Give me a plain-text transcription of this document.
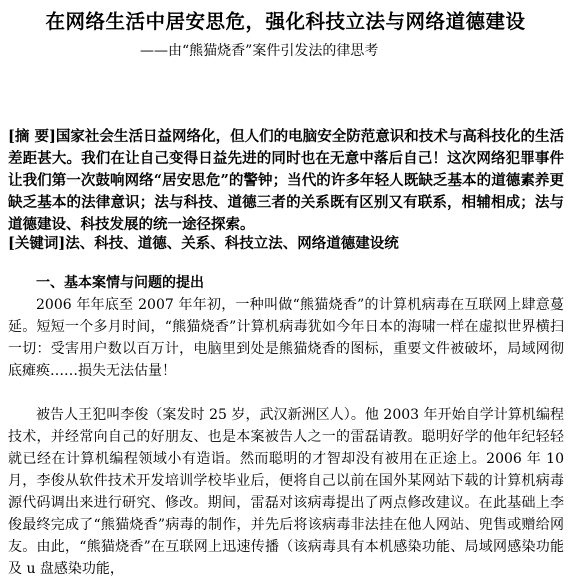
在网络生活中居安思危，强化科技立法与网络道德建设
——由“熊猫烧香”案件引发法的律思考
[摘 要]国家社会生活日益网络化，但人们的电脑安全防范意识和技术与高科技化的生活差距甚大。我们在让自己变得日益先进的同时也在无意中落后自己！这次网络犯罪事件让我们第一次鼓响网络“居安思危”的警钟；当代的许多年轻人既缺乏基本的道德素养更缺乏基本的法律意识；法与科技、道德三者的关系既有区别又有联系，相辅相成；法与道德建设、科技发展的统一途径探索。
[关键词]法、科技、道德、关系、科技立法、网络道德建设统
一、基本案情与问题的提出
2006 年年底至 2007 年年初，一种叫做“熊猫烧香”的计算机病毒在互联网上肆意蔓延。短短一个多月时间，“熊猫烧香”计算机病毒犹如今年日本的海啸一样在虚拟世界横扫一切：受害用户数以百万计，电脑里到处是熊猫烧香的图标，重要文件被破坏，局域网彻底瘫痪……损失无法估量！
被告人王犯叫李俊（案发时 25 岁，武汉新洲区人）。他 2003 年开始自学计算机编程技术，并经常向自己的好朋友、也是本案被告人之一的雷磊请教。聪明好学的他年纪轻轻就已经在计算机编程领域小有造诣。然而聪明的才智却没有被用在正途上。2006 年 10 月，李俊从软件技术开发培训学校毕业后，便将自己以前在国外某网站下载的计算机病毒源代码调出来进行研究、修改。期间，雷磊对该病毒提出了两点修改建议。在此基础上李俊最终完成了“熊猫烧香”病毒的制作，并先后将该病毒非法挂在他人网站、兜售或赠给网友。由此，“熊猫烧香”在互联网上迅速传播（该病毒具有本机感染功能、局域网感染功能及 u 盘感染功能，
